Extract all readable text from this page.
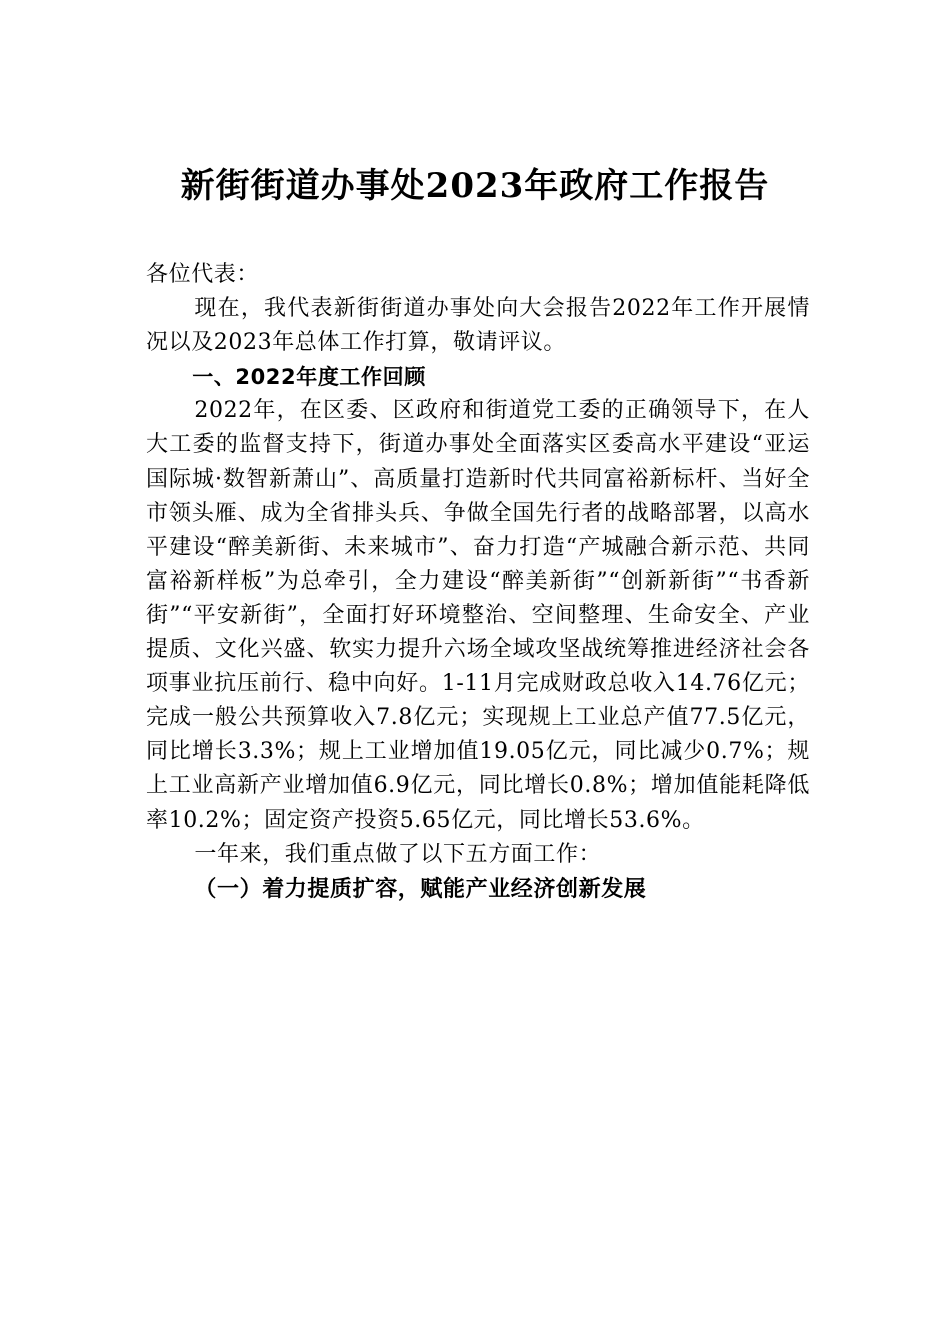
新街街道办事处2023年政府工作报告

各位代表：

现在，我代表新街街道办事处向大会报告2022年工作开展情况以及2023年总体工作打算，敬请评议。

一、2022年度工作回顾

2022年，在区委、区政府和街道党工委的正确领导下，在人大工委的监督支持下，街道办事处全面落实区委高水平建设“亚运国际城·数智新萧山”、高质量打造新时代共同富裕新标杆、当好全市领头雁、成为全省排头兵、争做全国先行者的战略部署，以高水平建设“醉美新街、未来城市”、奋力打造“产城融合新示范、共同富裕新样板”为总牵引，全力建设“醉美新街”“创新新街”“书香新街”“平安新街”，全面打好环境整治、空间整理、生命安全、产业提质、文化兴盛、软实力提升六场全域攻坚战统筹推进经济社会各项事业抗压前行、稳中向好。1-11月完成财政总收入14.76亿元；完成一般公共预算收入7.8亿元；实现规上工业总产值77.5亿元，同比增长3.3%；规上工业增加值19.05亿元，同比减少0.7%；规上工业高新产业增加值6.9亿元，同比增长0.8%；增加值能耗降低率10.2%；固定资产投资5.65亿元，同比增长53.6%。

一年来，我们重点做了以下五方面工作：

（一）着力提质扩容，赋能产业经济创新发展
